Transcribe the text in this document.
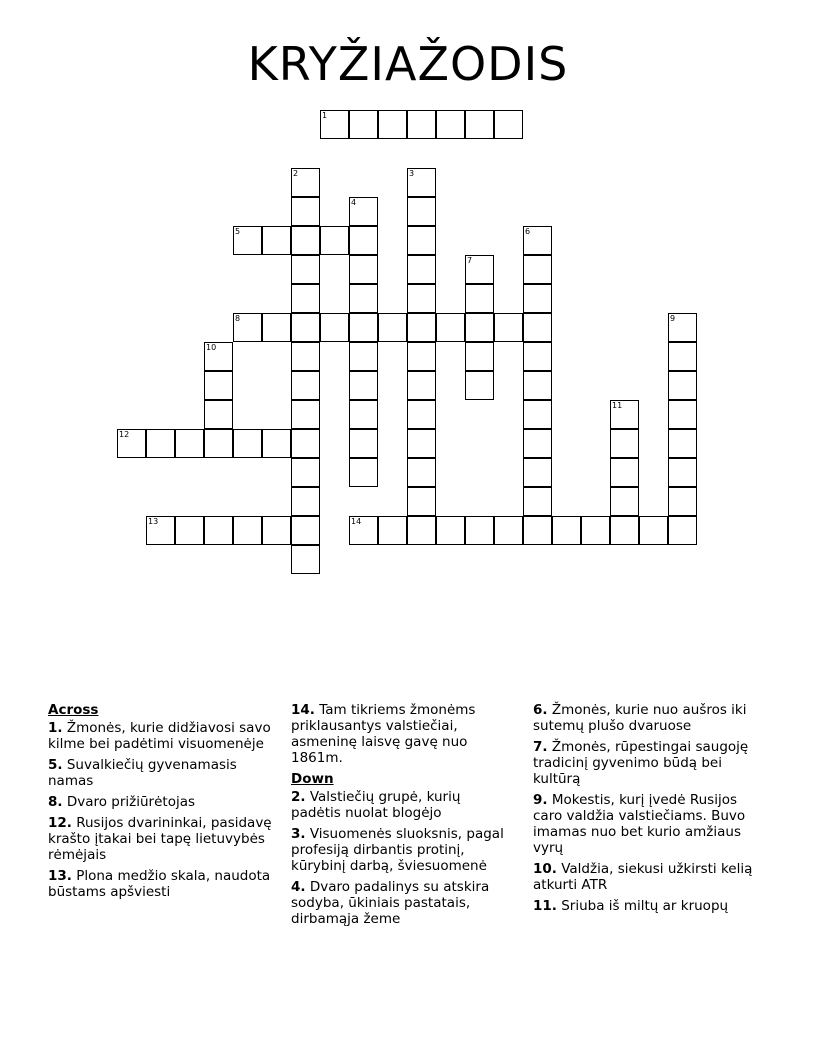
KRYŽIAŽODIS
1
2	3
4
5	6
7
8	9
10
11
12
13	14
Across
1. Žmonės, kurie didžiavosi savo kilme bei padėtimi visuomenėje
5. Suvalkiečių gyvenamasis namas
8. Dvaro prižiūrėtojas
12. Rusijos dvarininkai, pasidavę krašto įtakai bei tapę lietuvybės rėmėjais
13. Plona medžio skala, naudota būstams apšviesti
14. Tam tikriems žmonėms priklausantys valstiečiai, asmeninę laisvę gavę nuo 1861m.
Down
2. Valstiečių grupė, kurių padėtis nuolat blogėjo
3. Visuomenės sluoksnis, pagal profesiją dirbantis protinį, kūrybinį darbą, šviesuomenė
4. Dvaro padalinys su atskira sodyba, ūkiniais pastatais, dirbamąja žeme
6. Žmonės, kurie nuo aušros iki sutemų plušo dvaruose
7. Žmonės, rūpestingai saugoję tradicinį gyvenimo būdą bei kultūrą
9. Mokestis, kurį įvedė Rusijos caro valdžia valstiečiams. Buvo imamas nuo bet kurio amžiaus vyrų
10. Valdžia, siekusi užkirsti kelią atkurti ATR
11. Sriuba iš miltų ar kruopų
